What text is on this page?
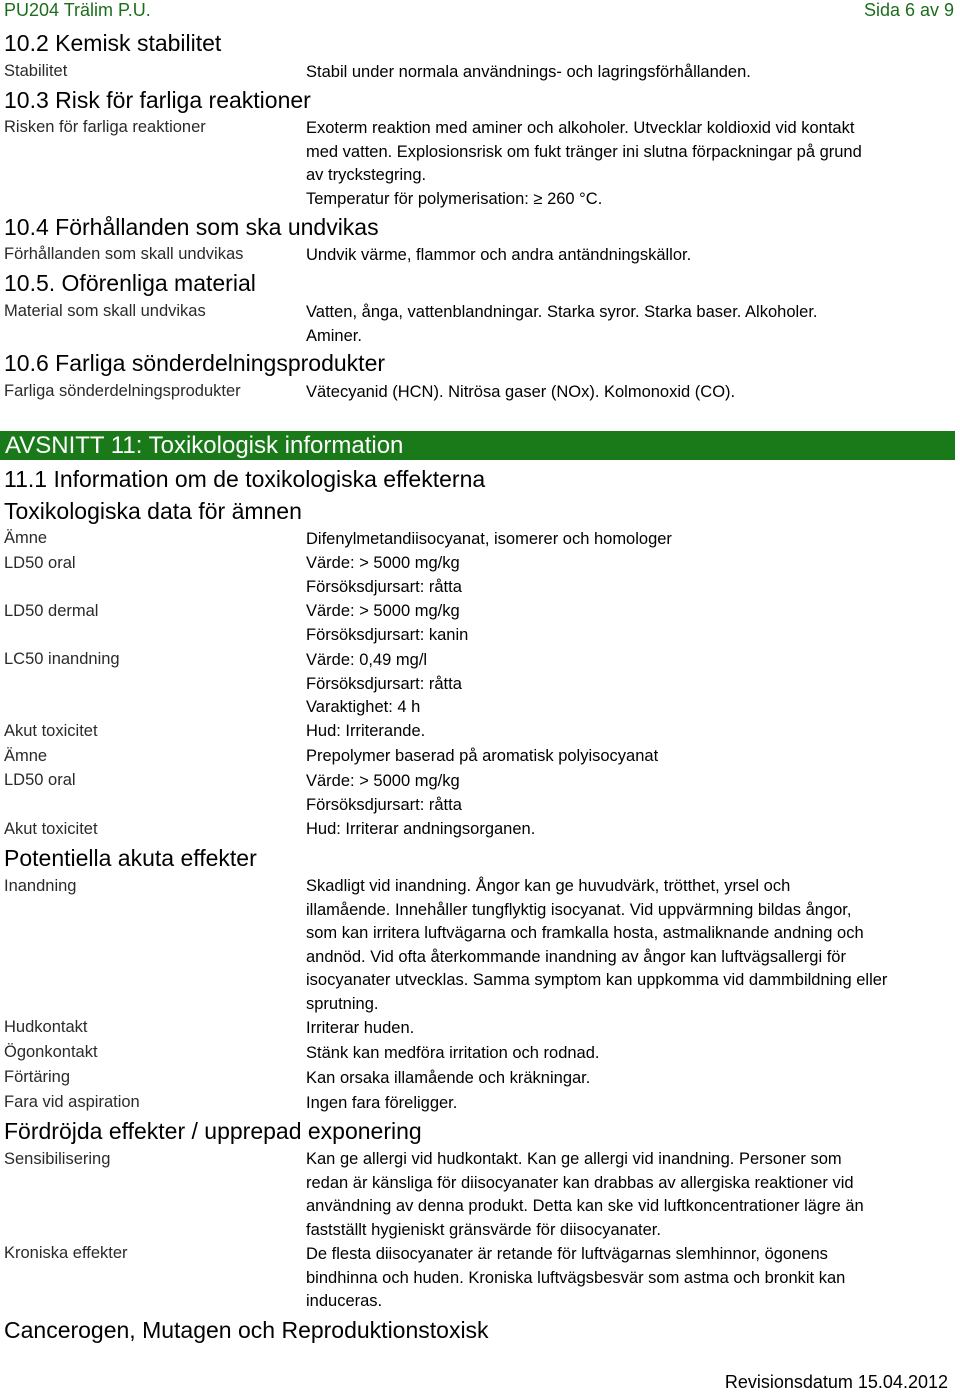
PU204 Trälim P.U.	Sida 6 av 9
10.2 Kemisk stabilitet
Stabilitet	Stabil under normala användnings- och lagringsförhållanden.
10.3 Risk för farliga reaktioner
Risken för farliga reaktioner	Exoterm reaktion med aminer och alkoholer. Utvecklar koldioxid vid kontakt
med vatten. Explosionsrisk om fukt tränger ini slutna förpackningar på grund
av tryckstegring.
Temperatur för polymerisation: ≥ 260 °C.
10.4 Förhållanden som ska undvikas
Förhållanden som skall undvikas	Undvik värme, flammor och andra antändningskällor.
10.5. Oförenliga material
Material som skall undvikas	Vatten, ånga, vattenblandningar. Starka syror. Starka baser. Alkoholer.
Aminer.
10.6 Farliga sönderdelningsprodukter
Farliga sönderdelningsprodukter	Vätecyanid (HCN). Nitrösa gaser (NOx). Kolmonoxid (CO).
AVSNITT 11: Toxikologisk information
11.1 Information om de toxikologiska effekterna
Toxikologiska data för ämnen
Ämne	Difenylmetandiisocyanat, isomerer och homologer
LD50 oral	Värde: > 5000 mg/kg
Försöksdjursart: råtta
LD50 dermal	Värde: > 5000 mg/kg
Försöksdjursart: kanin
LC50 inandning	Värde: 0,49 mg/l
Försöksdjursart: råtta
Varaktighet: 4 h
Akut toxicitet	Hud: Irriterande.
Ämne	Prepolymer baserad på aromatisk polyisocyanat
LD50 oral	Värde: > 5000 mg/kg
Försöksdjursart: råtta
Akut toxicitet	Hud: Irriterar andningsorganen.
Potentiella akuta effekter
Inandning	Skadligt vid inandning. Ångor kan ge huvudvärk, trötthet, yrsel och
illamående. Innehåller tungflyktig isocyanat. Vid uppvärmning bildas ångor,
som kan irritera luftvägarna och framkalla hosta, astmaliknande andning och
andnöd. Vid ofta återkommande inandning av ångor kan luftvägsallergi för
isocyanater utvecklas. Samma symptom kan uppkomma vid dammbildning eller
sprutning.
Hudkontakt	Irriterar huden.
Ögonkontakt	Stänk kan medföra irritation och rodnad.
Förtäring	Kan orsaka illamående och kräkningar.
Fara vid aspiration	Ingen fara föreligger.
Fördröjda effekter / upprepad exponering
Sensibilisering	Kan ge allergi vid hudkontakt. Kan ge allergi vid inandning. Personer som
redan är känsliga för diisocyanater kan drabbas av allergiska reaktioner vid
användning av denna produkt. Detta kan ske vid luftkoncentrationer lägre än
fastställt hygieniskt gränsvärde för diisocyanater.
Kroniska effekter	De flesta diisocyanater är retande för luftvägarnas slemhinnor, ögonens
bindhinna och huden. Kroniska luftvägsbesvär som astma och bronkit kan
induceras.
Cancerogen, Mutagen och Reproduktionstoxisk
Revisionsdatum 15.04.2012
